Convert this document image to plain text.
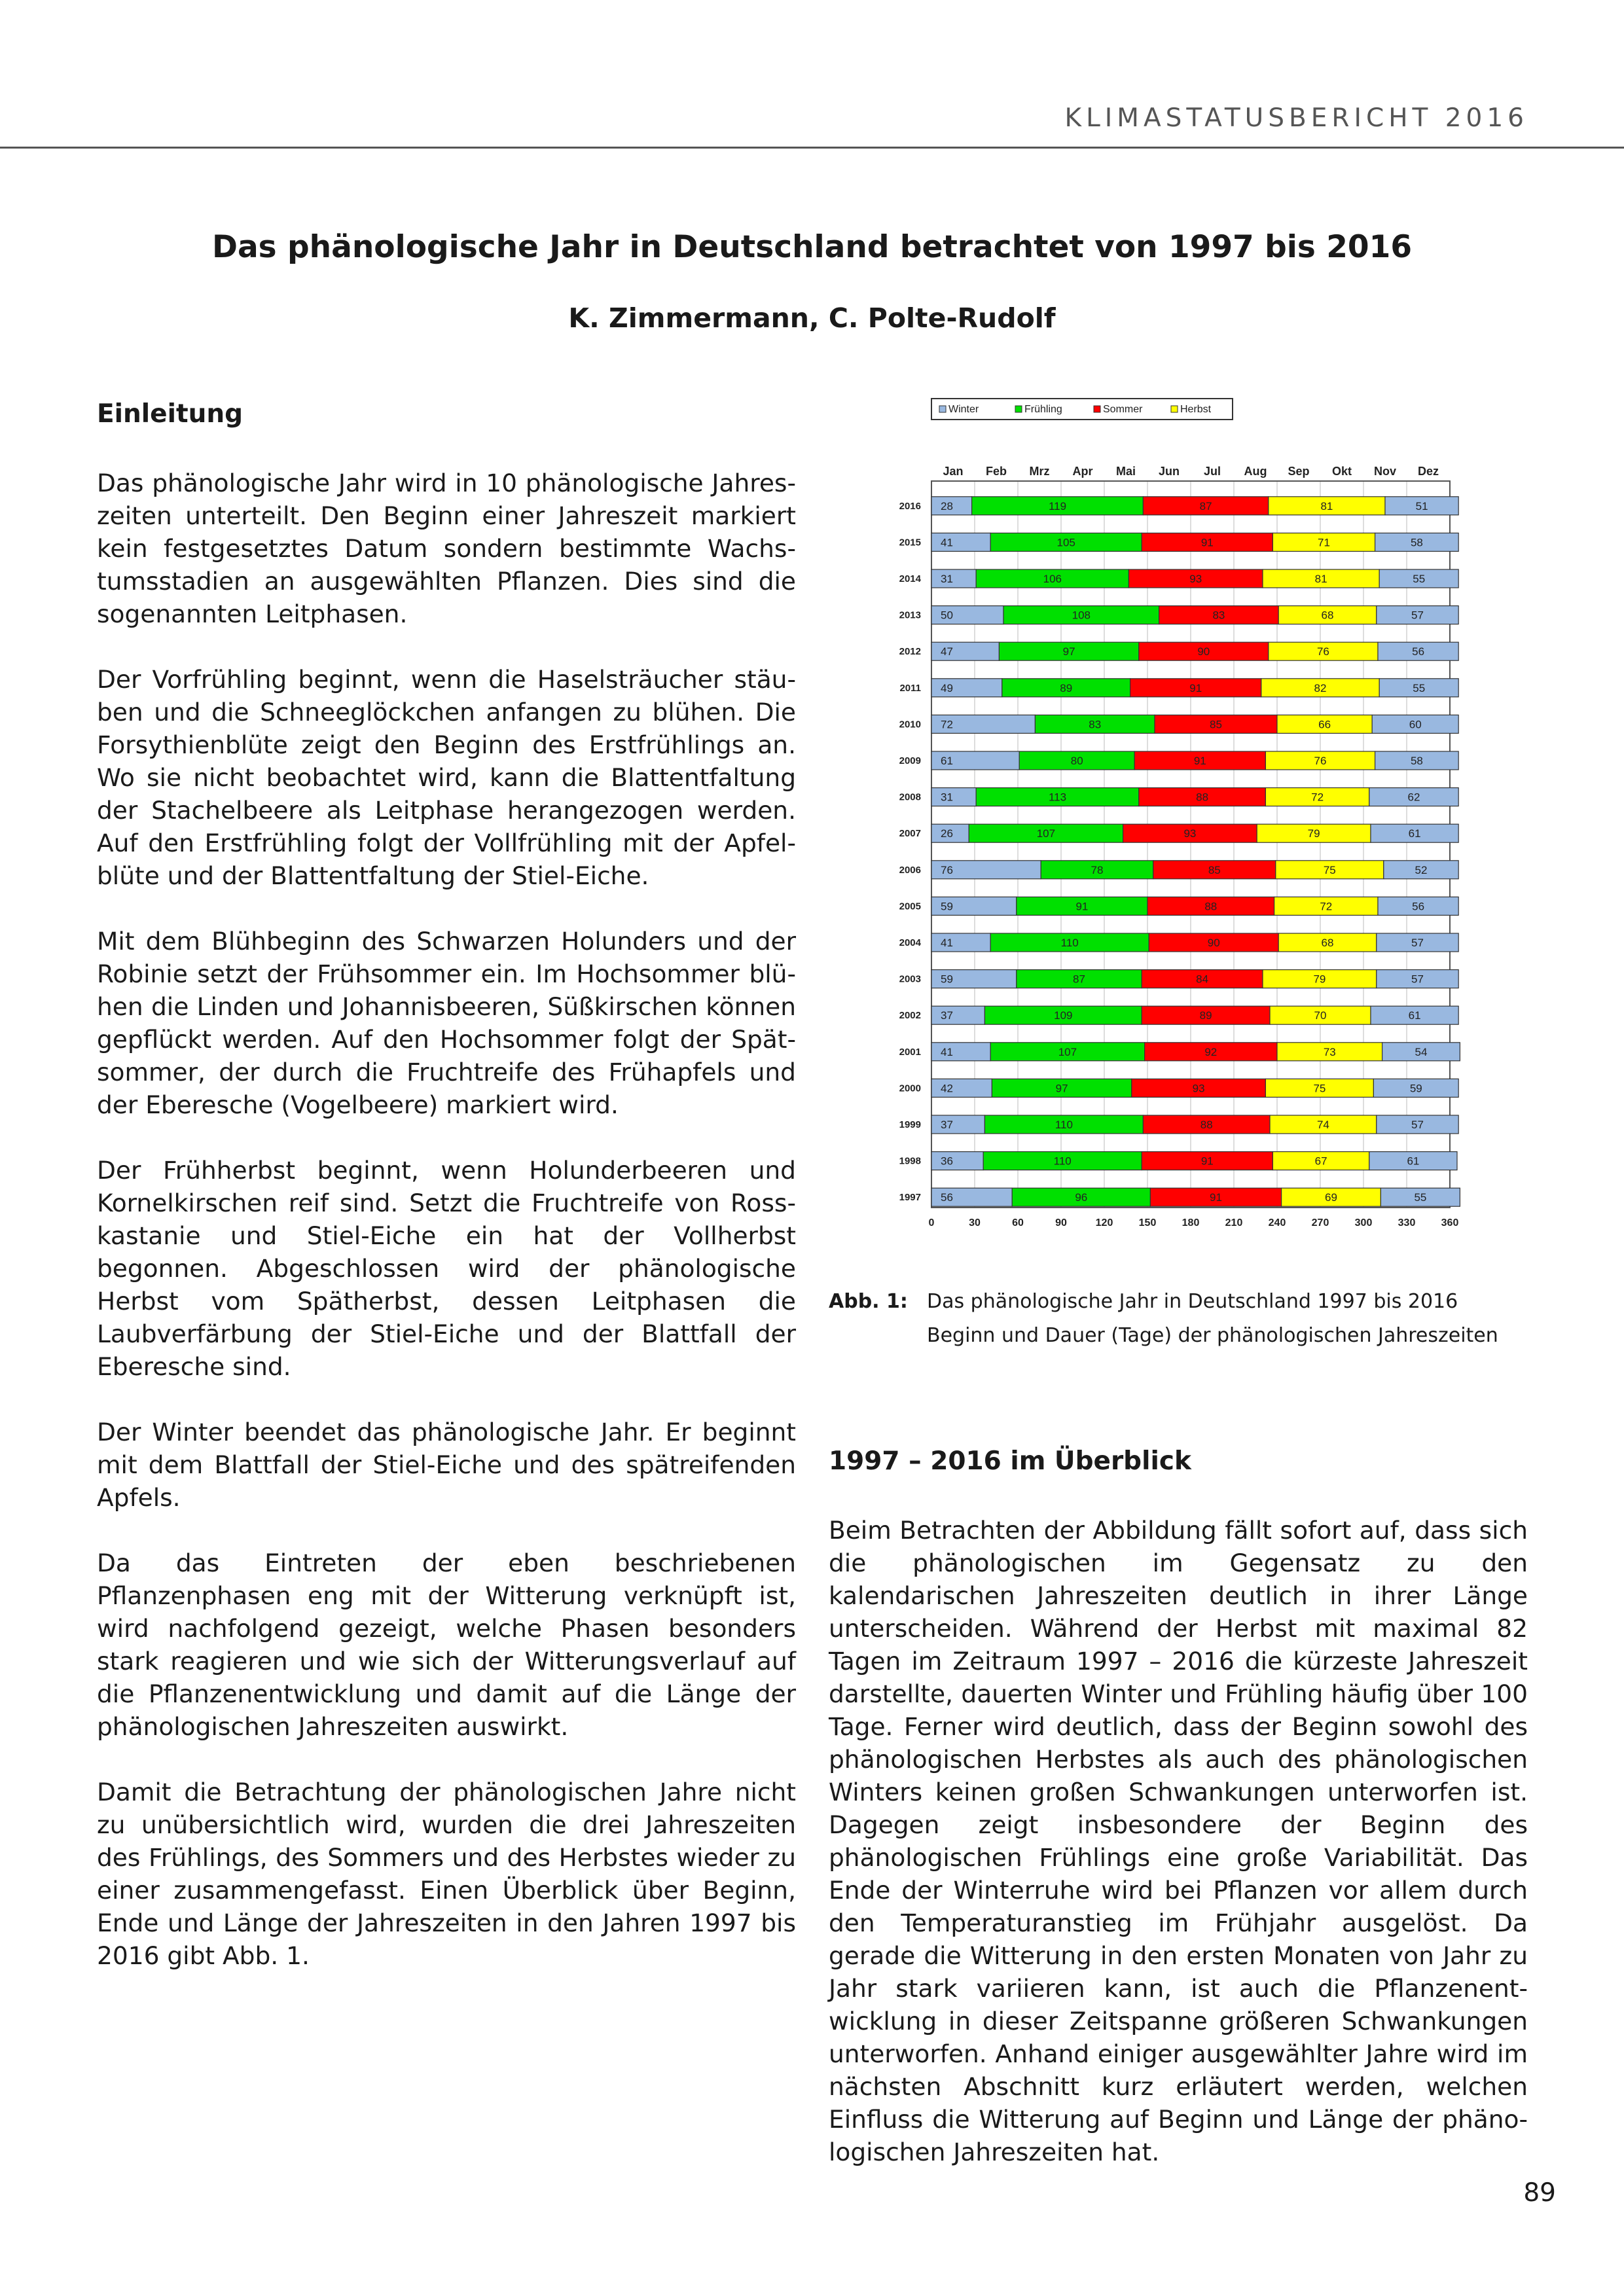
KLIMASTATUSBERICHT 2016
Das phänologische Jahr in Deutschland betrachtet von 1997 bis 2016
K. Zimmermann, C. Polte-Rudolf
Einleitung

Das phänologische Jahr wird in 10 phänologische Jahreszeiten unterteilt. Den Beginn einer Jahreszeit markiert kein festgesetztes Datum sondern bestimmte Wachstumsstadien an ausgewählten Pflanzen. Dies sind die sogenannten Leitphasen.

Der Vorfrühling beginnt, wenn die Haselsträucher stäuben und die Schneeglöckchen anfangen zu blühen. Die Forsythienblüte zeigt den Beginn des Erstfrühlings an. Wo sie nicht beobachtet wird, kann die Blattentfaltung der Stachelbeere als Leitphase herangezogen werden. Auf den Erstfrühling folgt der Vollfrühling mit der Apfelblüte und der Blattentfaltung der Stiel-Eiche.

Mit dem Blühbeginn des Schwarzen Holunders und der Robinie setzt der Frühsommer ein. Im Hochsommer blühen die Linden und Johannisbeeren, Süßkirschen können gepflückt werden. Auf den Hochsommer folgt der Spätsommer, der durch die Fruchtreife des Frühapfels und der Eberesche (Vogelbeere) markiert wird.

Der Frühherbst beginnt, wenn Holunderbeeren und Kornelkirschen reif sind. Setzt die Fruchtreife von Rosskastanie und Stiel-Eiche ein hat der Vollherbst begonnen. Abgeschlossen wird der phänologische Herbst vom Spätherbst, dessen Leitphasen die Laubverfärbung der Stiel-Eiche und der Blattfall der Eberesche sind.

Der Winter beendet das phänologische Jahr. Er beginnt mit dem Blattfall der Stiel-Eiche und des spätreifenden Apfels.

Da das Eintreten der eben beschriebenen Pflanzenphasen eng mit der Witterung verknüpft ist, wird nachfolgend gezeigt, welche Phasen besonders stark reagieren und wie sich der Witterungsverlauf auf die Pflanzenentwicklung und damit auf die Länge der phänologischen Jahreszeiten auswirkt.

Damit die Betrachtung der phänologischen Jahre nicht zu unübersichtlich wird, wurden die drei Jahreszeiten des Frühlings, des Sommers und des Herbstes wieder zu einer zusammengefasst. Einen Überblick über Beginn, Ende und Länge der Jahreszeiten in den Jahren 1997 bis 2016 gibt Abb. 1.

Winter	Frühling	Sommer	Herbst
Jan Feb Mrz Apr Mai Jun Jul Aug Sep Okt Nov Dez
2016 28	119	87	81	51
2015 41	105	91	71	58
2014 31	106	93	81	55
2013 50	108	83	68	57
2012 47	97	90	76	56
2011 49	89	91	82	55
2010 72	83	85	66	60
2009 61	80	91	76	58
2008 31	113	88	72	62
2007 26	107	93	79	61
2006 76	78	85	75	52
2005 59	91	88	72	56
2004 41	110	90	68	57
2003 59	87	84	79	57
2002 37	109	89	70	61
2001 41	107	92	73	54
2000 42	97	93	75	59
1999 37	110	88	74	57
1998 36	110	91	67	61
1997 56	96	91	69	55
0	30	60	90	120 150 180 210 240 270 300 330 360
Abb. 1: Das phänologische Jahr in Deutschland 1997 bis 2016
Beginn und Dauer (Tage) der phänologischen Jahreszeiten
1997 – 2016 im Überblick

Beim Betrachten der Abbildung fällt sofort auf, dass sich die phänologischen im Gegensatz zu den kalendarischen Jahreszeiten deutlich in ihrer Länge unterscheiden. Während der Herbst mit maximal 82 Tagen im Zeitraum 1997 – 2016 die kürzeste Jahreszeit darstellte, dauerten Winter und Frühling häufig über 100 Tage. Ferner wird deutlich, dass der Beginn sowohl des phänologischen Herbstes als auch des phänologischen Winters keinen großen Schwankungen unterworfen ist. Dagegen zeigt insbesondere der Beginn des phänologischen Frühlings eine große Variabilität. Das Ende der Winterruhe wird bei Pflanzen vor allem durch den Temperaturanstieg im Frühjahr ausgelöst. Da gerade die Witterung in den ersten Monaten von Jahr zu Jahr stark variieren kann, ist auch die Pflanzenentwicklung in dieser Zeitspanne größeren Schwankungen unterworfen. Anhand einiger ausgewählter Jahre wird im nächsten Abschnitt kurz erläutert werden, welchen Einfluss die Witterung auf Beginn und Länge der phänologischen Jahreszeiten hat.

89
